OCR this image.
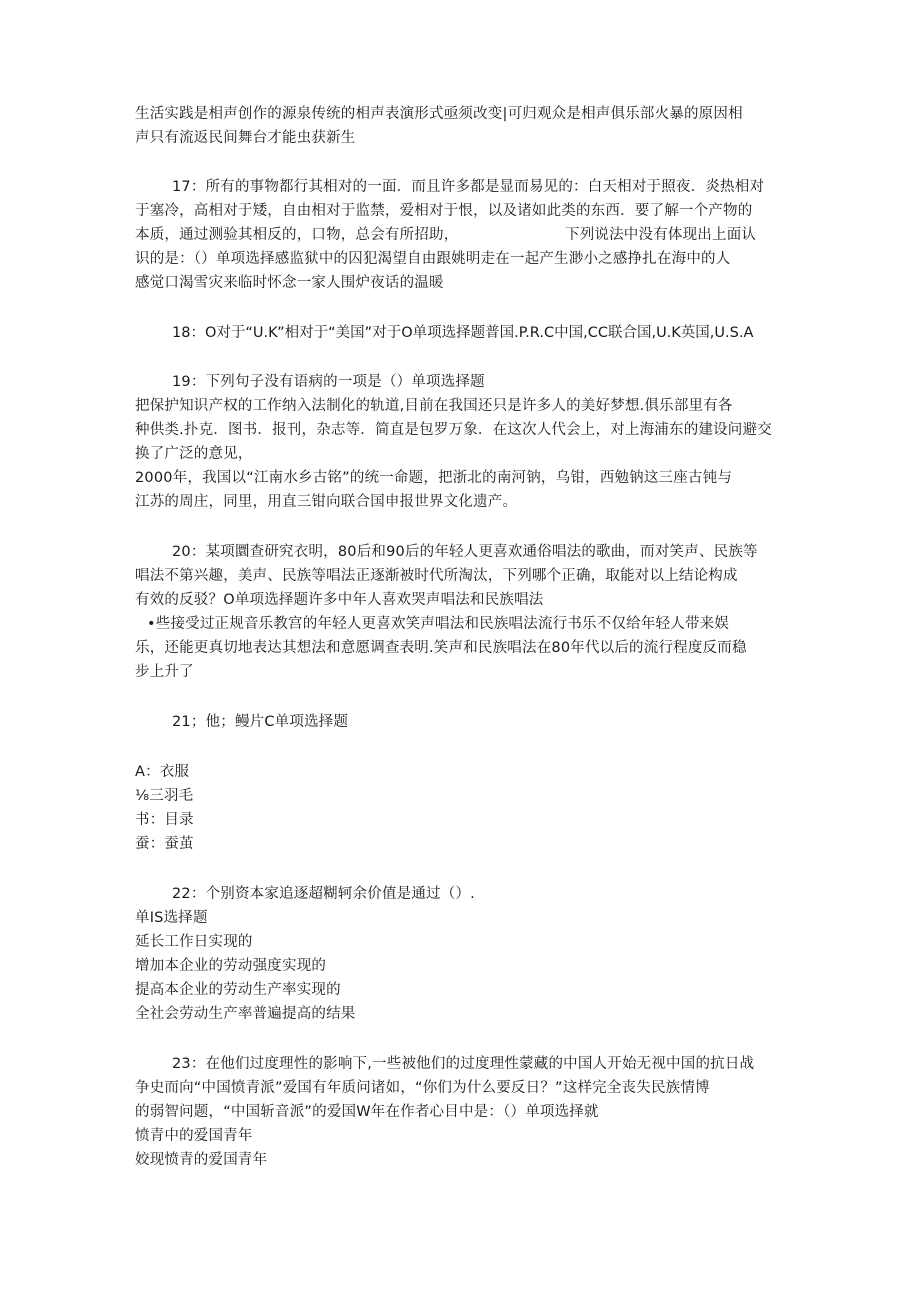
生活实践是相声创作的源泉传统的相声表演形式亟须改变|可归观众是相声俱乐部火暴的原因相
声只有流返民间舞台才能虫获新生
17：所有的事物都行其相对的一面．而且许多都是显而易见的：白天相对于照夜．炎热相对
于塞冷，高相对于矮，自由相对于监禁，爱相对于恨，以及诸如此类的东西．要了解一个产物的
本质，通过测验其相反的，口物，总会有所招助，	下列说法中没有体现出上面认
识的是：（）单项选择感监狱中的囚犯渴望自由跟姚明走在一起产生渺小之感挣扎在海中的人
感觉口渴雪灾来临时怀念一家人围炉夜话的温暖
18：O对于“U.K”相对于“美国”对于O单项选择题普国.P.R.C中国,CC联合国,U.K英国,U.S.A
19：下列句子没有语病的一项是（）单项选择题
把保护知识产权的工作纳入法制化的轨道,目前在我国还只是许多人的美好梦想.俱乐部里有各
种供类.扑克．图书．报刊，杂志等．简直是包罗万象．在这次人代会上，对上海浦东的建设问避交
换了广泛的意见，
2000年，我国以“江南水乡古铭”的统一命题，把浙北的南河钠，乌钳，西勉钠这三座古钝与
江苏的周庄，同里，用直三钳向联合国申报世界文化遗产。
20：某项圜查研究衣明，80后和90后的年轻人更喜欢通俗唱法的歌曲，而对笑声、民族等
唱法不第兴趣，美声、民族等唱法正逐渐被时代所淘汰，下列哪个正确，取能对以上结论构成
有效的反驳？O单项选择题许多中年人喜欢哭声唱法和民族唱法
•些接受过正规音乐教宫的年轻人更喜欢笑声唱法和民族唱法流行书乐不仅给年轻人带来娱
乐，还能更真切地表达其想法和意愿调查表明.笑声和民族唱法在80年代以后的流行程度反而稳
步上升了
21；他；鳗片C单项选择题
A：衣服
⅛三羽毛
书：目录
蚕：蚕茧
22：个别资本家追逐超糊轲余价值是通过（）.
单IS选择题
延长工作日实现的
增加本企业的劳动强度实现的
提高本企业的劳动生产率实现的
全社会劳动生产率普遍提高的结果
23：在他们过度理性的影响下,一些被他们的过度理性蒙藏的中国人开始无视中国的抗日战
争史而向“中国愤青派”爱国有年质问诸如，“你们为什么要反日？”这样完全丧失民族情博
的弱智问题，“中国斩音派”的爱国W年在作者心目中是：（）单项选择就
愤青中的爱国青年
姣现愤青的爱国青年
